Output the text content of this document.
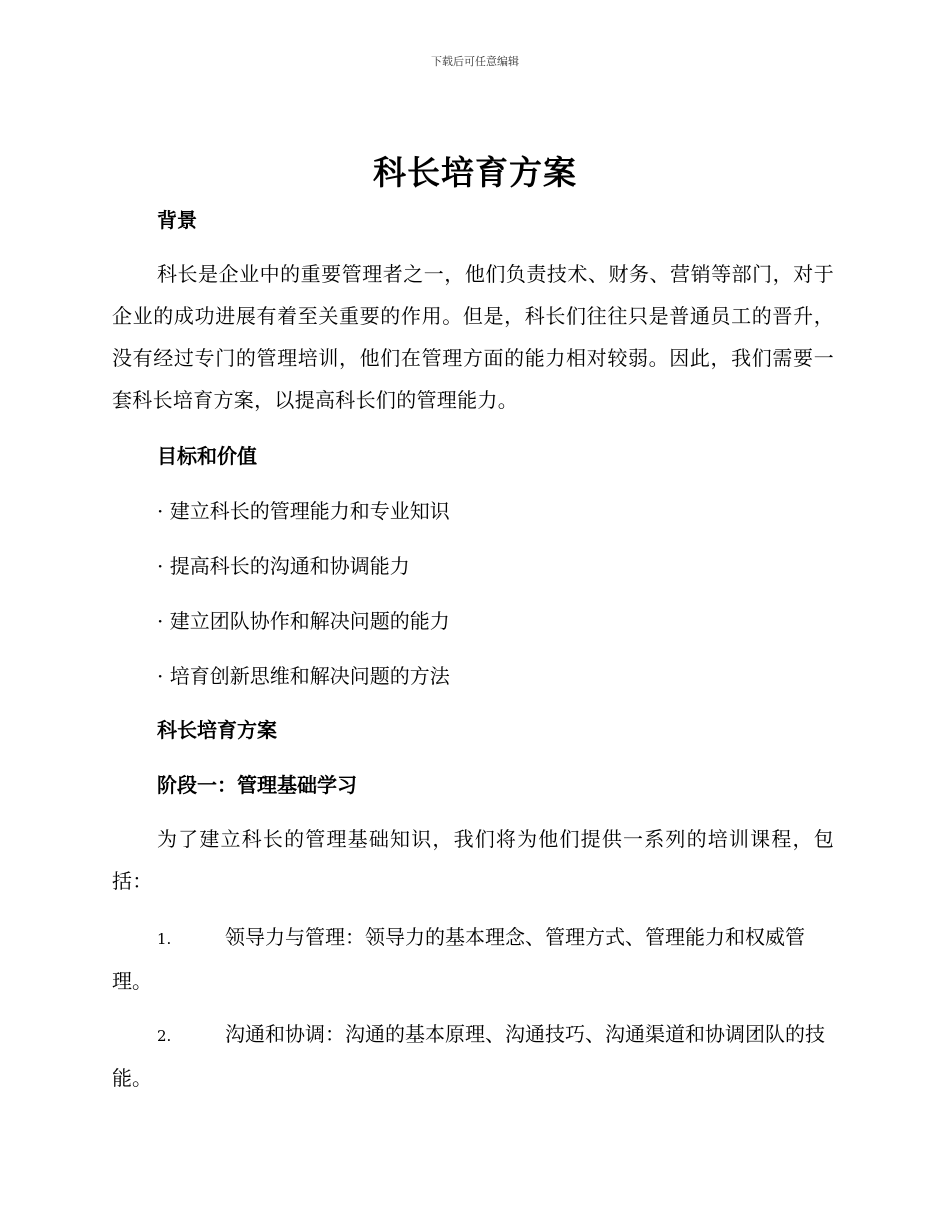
下载后可任意编辑
科长培育方案
背景
科长是企业中的重要管理者之一，他们负责技术、财务、营销等部门，对于企业的成功进展有着至关重要的作用。但是，科长们往往只是普通员工的晋升，没有经过专门的管理培训，他们在管理方面的能力相对较弱。因此，我们需要一套科长培育方案，以提高科长们的管理能力。
目标和价值
· 建立科长的管理能力和专业知识
· 提高科长的沟通和协调能力
· 建立团队协作和解决问题的能力
· 培育创新思维和解决问题的方法
科长培育方案
阶段一：管理基础学习
为了建立科长的管理基础知识，我们将为他们提供一系列的培训课程，包括：
1.	领导力与管理：领导力的基本理念、管理方式、管理能力和权威管理。
2.	沟通和协调：沟通的基本原理、沟通技巧、沟通渠道和协调团队的技能。
